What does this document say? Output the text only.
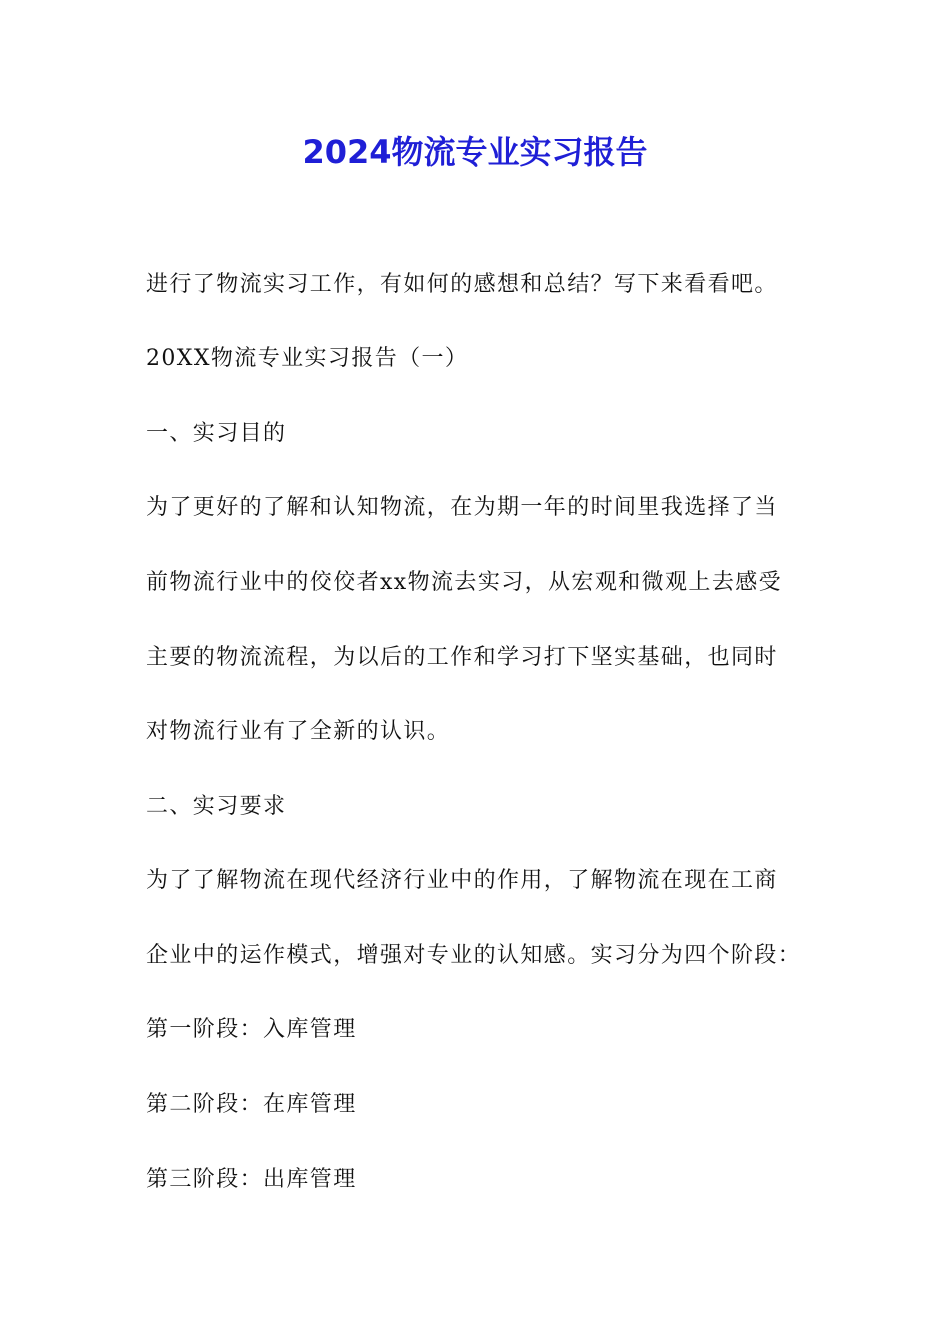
2024物流专业实习报告
进行了物流实习工作，有如何的感想和总结？写下来看看吧。
20XX物流专业实习报告（一）
一、实习目的
为了更好的了解和认知物流，在为期一年的时间里我选择了当
前物流行业中的佼佼者xx物流去实习，从宏观和微观上去感受
主要的物流流程，为以后的工作和学习打下坚实基础，也同时
对物流行业有了全新的认识。
二、实习要求
为了了解物流在现代经济行业中的作用，了解物流在现在工商
企业中的运作模式，增强对专业的认知感。实习分为四个阶段：
第一阶段：入库管理
第二阶段：在库管理
第三阶段：出库管理
